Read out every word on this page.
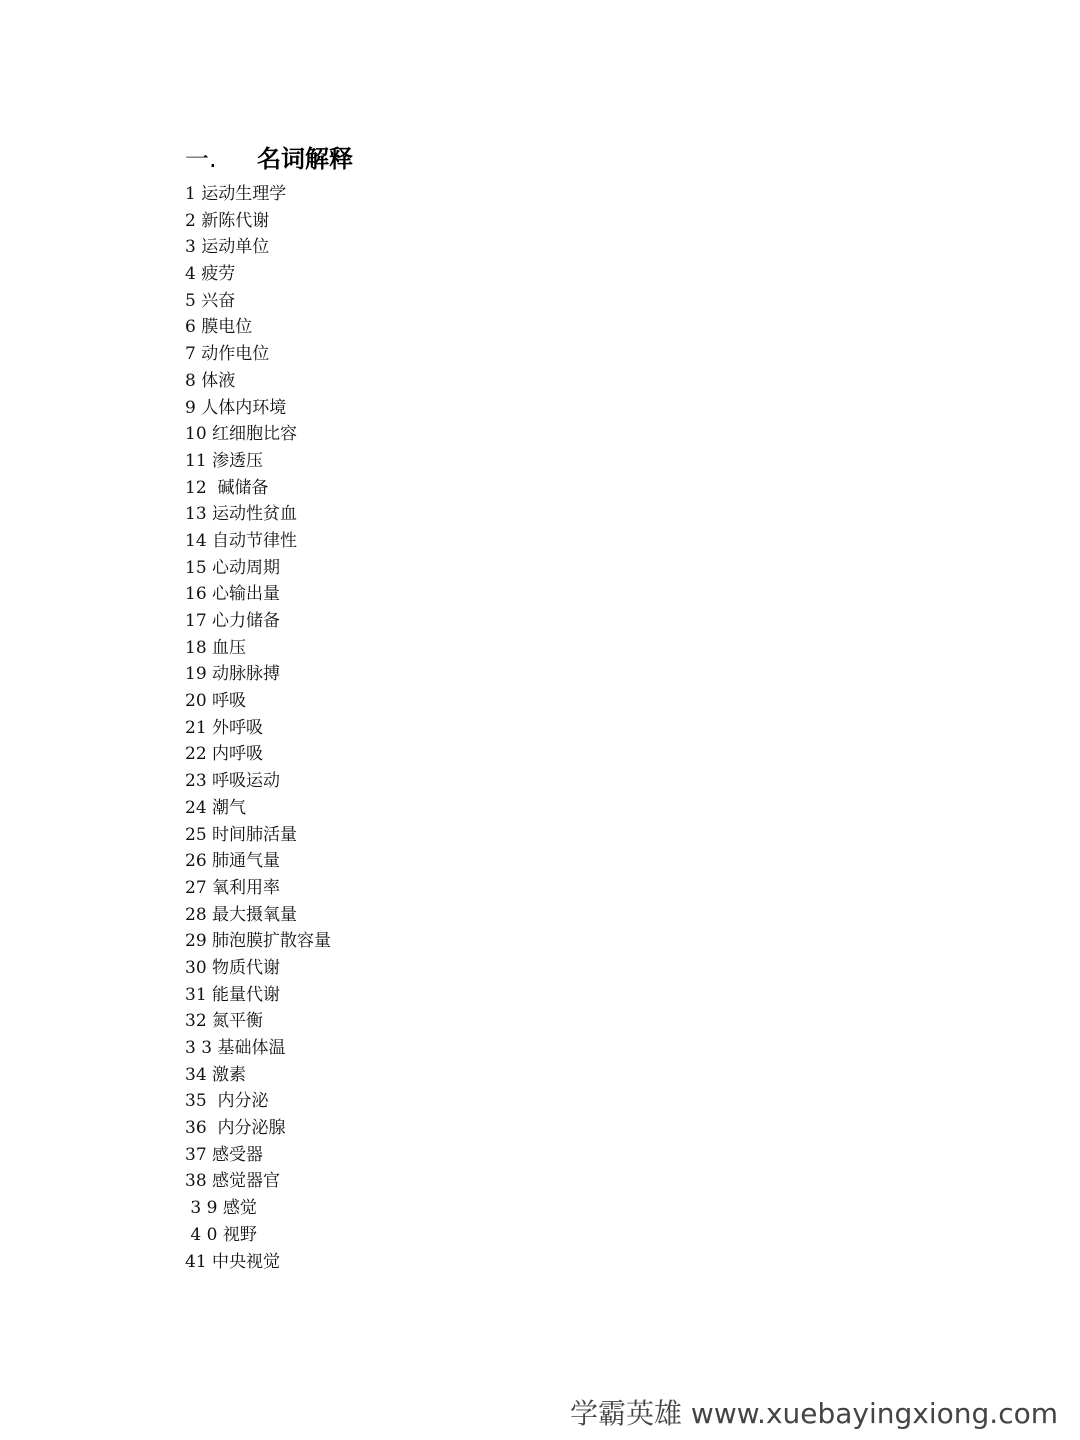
一.	名词解释
1 运动生理学
2 新陈代谢
3 运动单位
4 疲劳
5 兴奋
6 膜电位
7 动作电位
8 体液
9 人体内环境
10 红细胞比容
11 渗透压
12  碱储备
13 运动性贫血
14 自动节律性
15 心动周期
16 心输出量
17 心力储备
18 血压
19 动脉脉搏
20 呼吸
21 外呼吸
22 内呼吸
23 呼吸运动
24 潮气
25 时间肺活量
26 肺通气量
27 氧利用率
28 最大摄氧量
29 肺泡膜扩散容量
30 物质代谢
31 能量代谢
32 氮平衡
3 3 基础体温
34 激素
35  内分泌
36  内分泌腺
37 感受器
38 感觉器官
3 9 感觉
4 0 视野
41 中央视觉
学霸英雄 www.xuebayingxiong.com
